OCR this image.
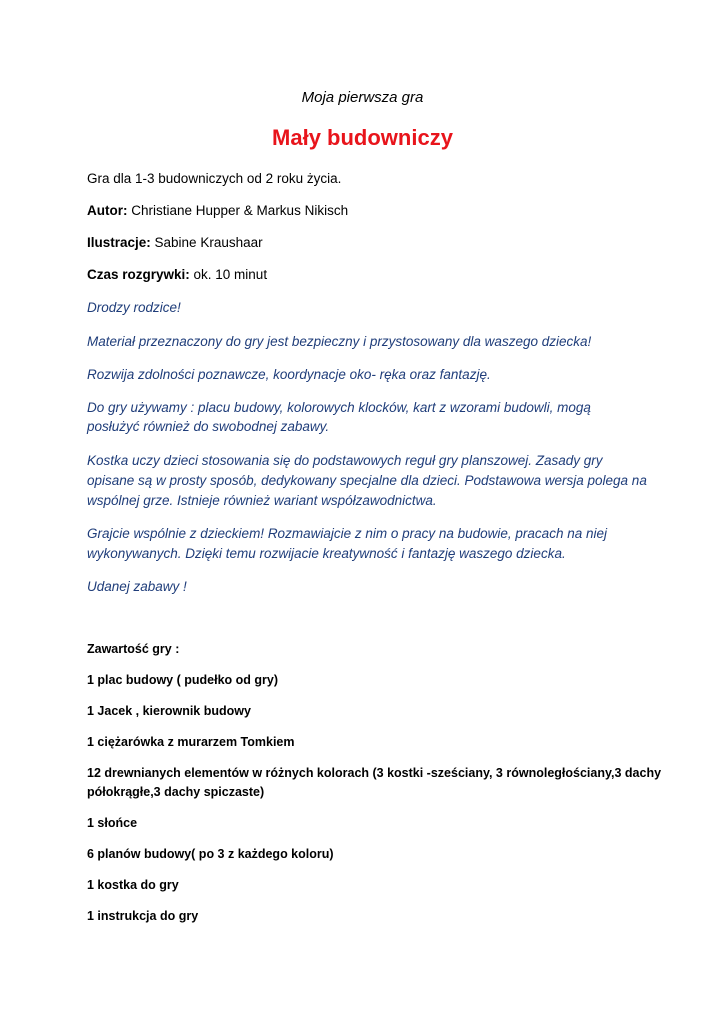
Moja pierwsza gra
Mały budowniczy
Gra dla 1-3 budowniczych od 2 roku życia.
Autor: Christiane Hupper & Markus Nikisch
Ilustracje: Sabine Kraushaar
Czas rozgrywki: ok. 10 minut
Drodzy rodzice!
Materiał przeznaczony do gry jest bezpieczny i przystosowany dla waszego dziecka!
Rozwija zdolności poznawcze, koordynacje oko- ręka oraz fantazję.
Do gry używamy : placu budowy, kolorowych klocków, kart z wzorami budowli, mogą
posłużyć również do swobodnej zabawy.
Kostka uczy dzieci stosowania się do podstawowych reguł gry planszowej. Zasady gry
opisane są w prosty sposób, dedykowany specjalne dla dzieci. Podstawowa wersja polega na
wspólnej grze. Istnieje również wariant współzawodnictwa.
Grajcie wspólnie z dzieckiem! Rozmawiajcie z nim o pracy na budowie, pracach na niej
wykonywanych. Dzięki temu rozwijacie kreatywność i fantazję waszego dziecka.
Udanej zabawy !
Zawartość gry :
1 plac budowy ( pudełko od gry)
1 Jacek , kierownik budowy
1 ciężarówka z murarzem Tomkiem
12 drewnianych elementów w różnych kolorach (3 kostki -sześciany, 3 równoległościany,3 dachy
półokrągłe,3 dachy spiczaste)
1 słońce
6 planów budowy( po 3 z każdego koloru)
1 kostka do gry
1 instrukcja do gry
